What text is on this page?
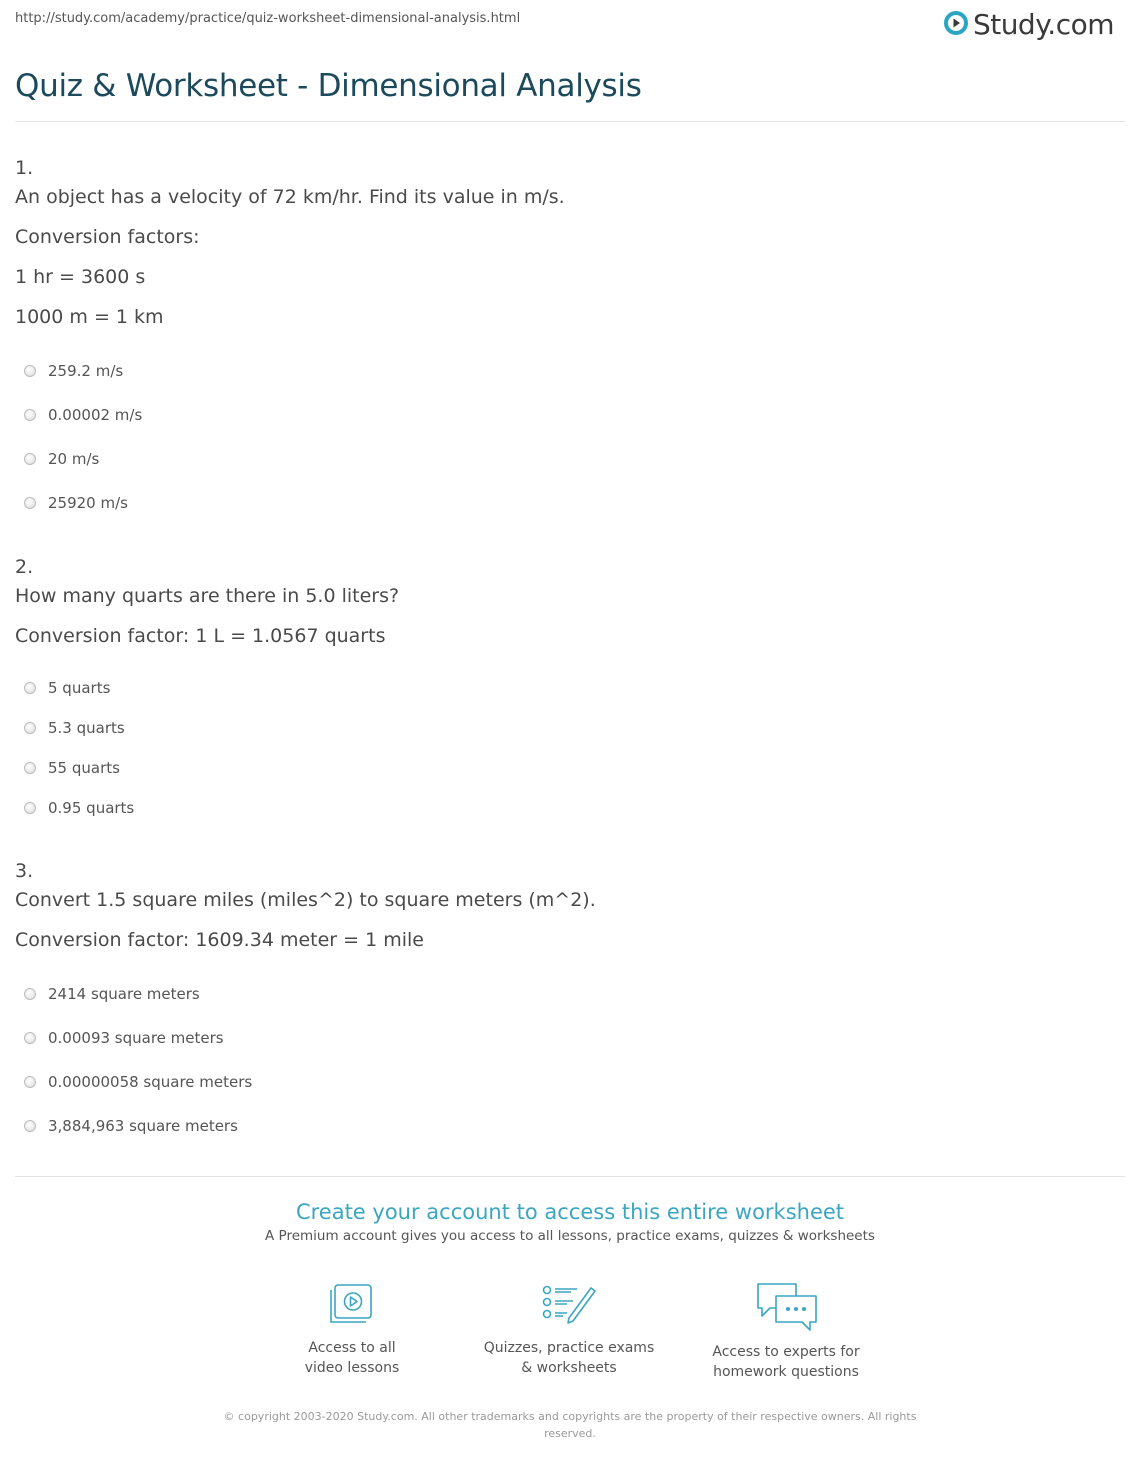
http://study.com/academy/practice/quiz-worksheet-dimensional-analysis.html	Study.com
Quiz & Worksheet - Dimensional Analysis
1.
An object has a velocity of 72 km/hr. Find its value in m/s.
Conversion factors:
1 hr = 3600 s
1000 m = 1 km
259.2 m/s
0.00002 m/s
20 m/s
25920 m/s
2.
How many quarts are there in 5.0 liters?
Conversion factor: 1 L = 1.0567 quarts
5 quarts
5.3 quarts
55 quarts
0.95 quarts
3.
Convert 1.5 square miles (miles^2) to square meters (m^2).
Conversion factor: 1609.34 meter = 1 mile
2414 square meters
0.00093 square meters
0.00000058 square meters
3,884,963 square meters
Create your account to access this entire worksheet
A Premium account gives you access to all lessons, practice exams, quizzes & worksheets
Access to all
video lessons
Quizzes, practice exams
& worksheets
Access to experts for
homework questions
© copyright 2003-2020 Study.com. All other trademarks and copyrights are the property of their respective owners. All rights reserved.
